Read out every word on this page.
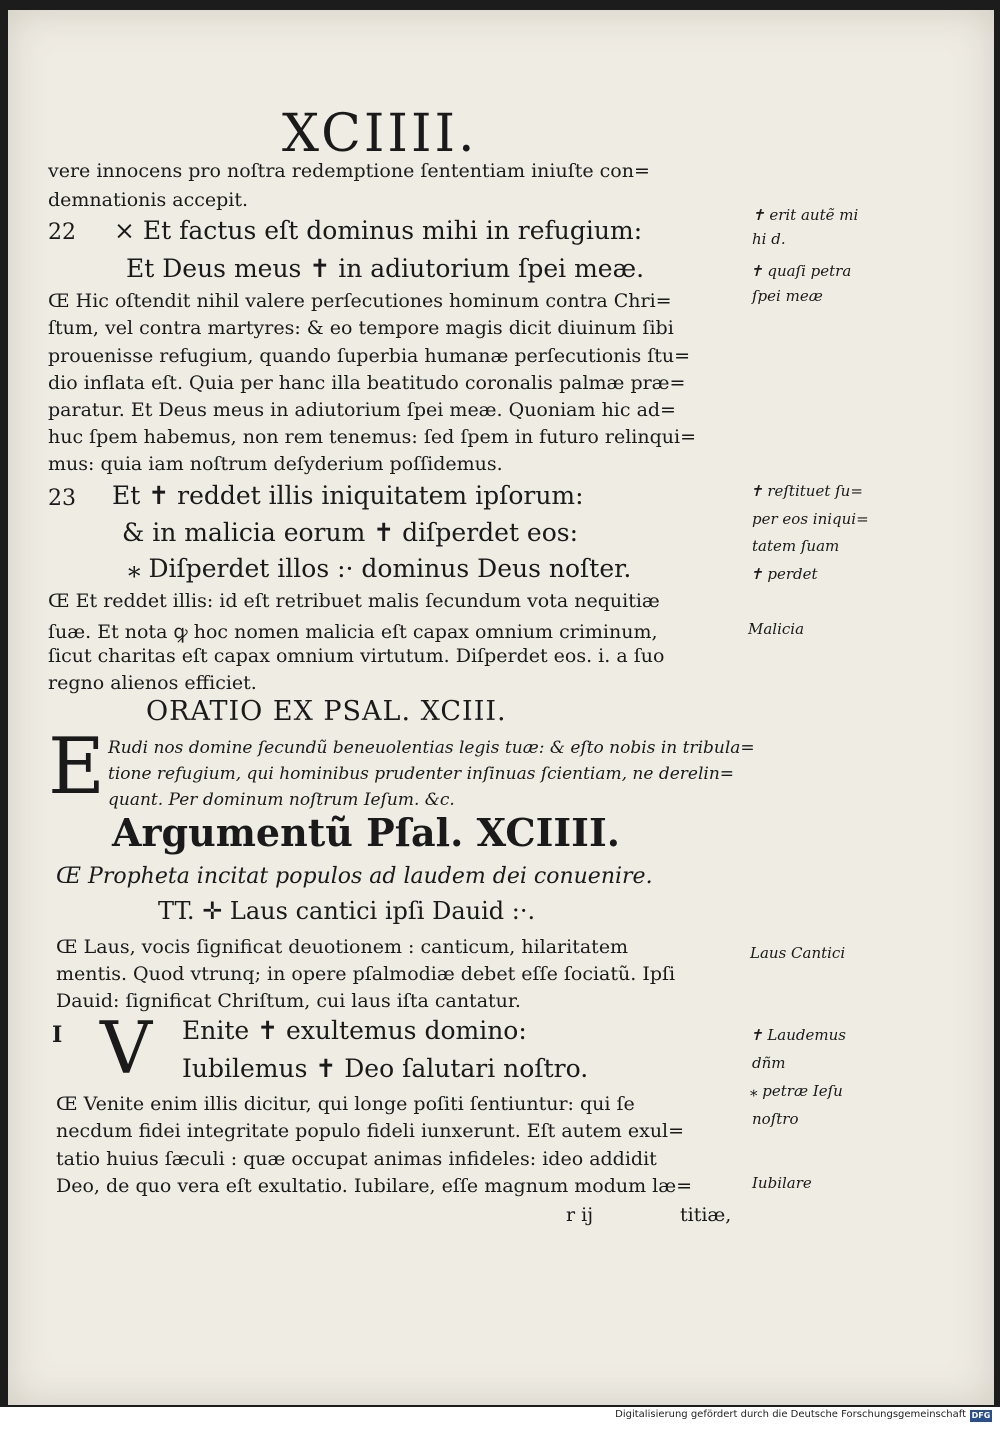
XCIIII.
vere innocens pro noſtra redemptione ſententiam iniuſte con=
demnationis accepit.
22 × Et factus eſt dominus mihi in refugium:
Et Deus meus ✝ in adiutorium ſpei meæ.
Œ Hic oſtendit nihil valere perſecutiones hominum contra Chri=
ſtum, vel contra martyres: & eo tempore magis dicit diuinum ſibi
prouenisse refugium, quando ſuperbia humanæ perſecutionis ſtu=
dio inflata eſt. Quia per hanc illa beatitudo coronalis palmæ præ=
paratur. Et Deus meus in adiutorium ſpei meæ. Quoniam hic ad=
huc ſpem habemus, non rem tenemus: ſed ſpem in futuro relinqui=
mus: quia iam noſtrum deſyderium poſſidemus.
23 Et ✝ reddet illis iniquitatem ipſorum:
& in malicia eorum ✝ diſperdet eos:
⁎ Diſperdet illos :· dominus Deus noſter.
Œ Et reddet illis: id eſt retribuet malis ſecundum vota nequitiæ
ſuæ. Et nota ꝙ hoc nomen malicia eſt capax omnium criminum,
ſicut charitas eſt capax omnium virtutum. Diſperdet eos. i. a ſuo
regno alienos efficiet.
ORATIO EX PSAL. XCIII.
E Rudi nos domine ſecundũ beneuolentias legis tuæ: & eſto nobis in tribula=
tione refugium, qui hominibus prudenter inſinuas ſcientiam, ne derelin=
quant. Per dominum noſtrum Ieſum. &c.
Argumentũ Pſal. XCIIII.
Œ Propheta incitat populos ad laudem dei conuenire.
TT. ✛ Laus cantici ipſi Dauid :·.
Œ Laus, vocis ſignificat deuotionem : canticum, hilaritatem
mentis. Quod vtrunq; in opere pſalmodiæ debet eſſe ſociatũ. Ipſi
Dauid: ſignificat Chriſtum, cui laus iſta cantatur.
I V Enite ✝ exultemus domino:
Iubilemus ✝ Deo ſalutari noſtro.
Œ Venite enim illis dicitur, qui longe poſiti ſentiuntur: qui ſe
necdum fidei integritate populo fideli iunxerunt. Eſt autem exul=
tatio huius ſæculi : quæ occupat animas infideles: ideo addidit
Deo, de quo vera eſt exultatio. Iubilare, eſſe magnum modum læ=
r ij	titiæ,
✝ erit autẽ mi
hi d.
✝ quaſi petra
ſpei meæ
✝ reſtituet ſu=
per eos iniqui=
tatem ſuam
✝ perdet
Malicia
Laus Cantici
✝ Laudemus
dñm
⁎ petræ Ieſu
noſtro
Iubilare
Digitalisierung gefördert durch die Deutsche Forschungsgemeinschaft DFG
